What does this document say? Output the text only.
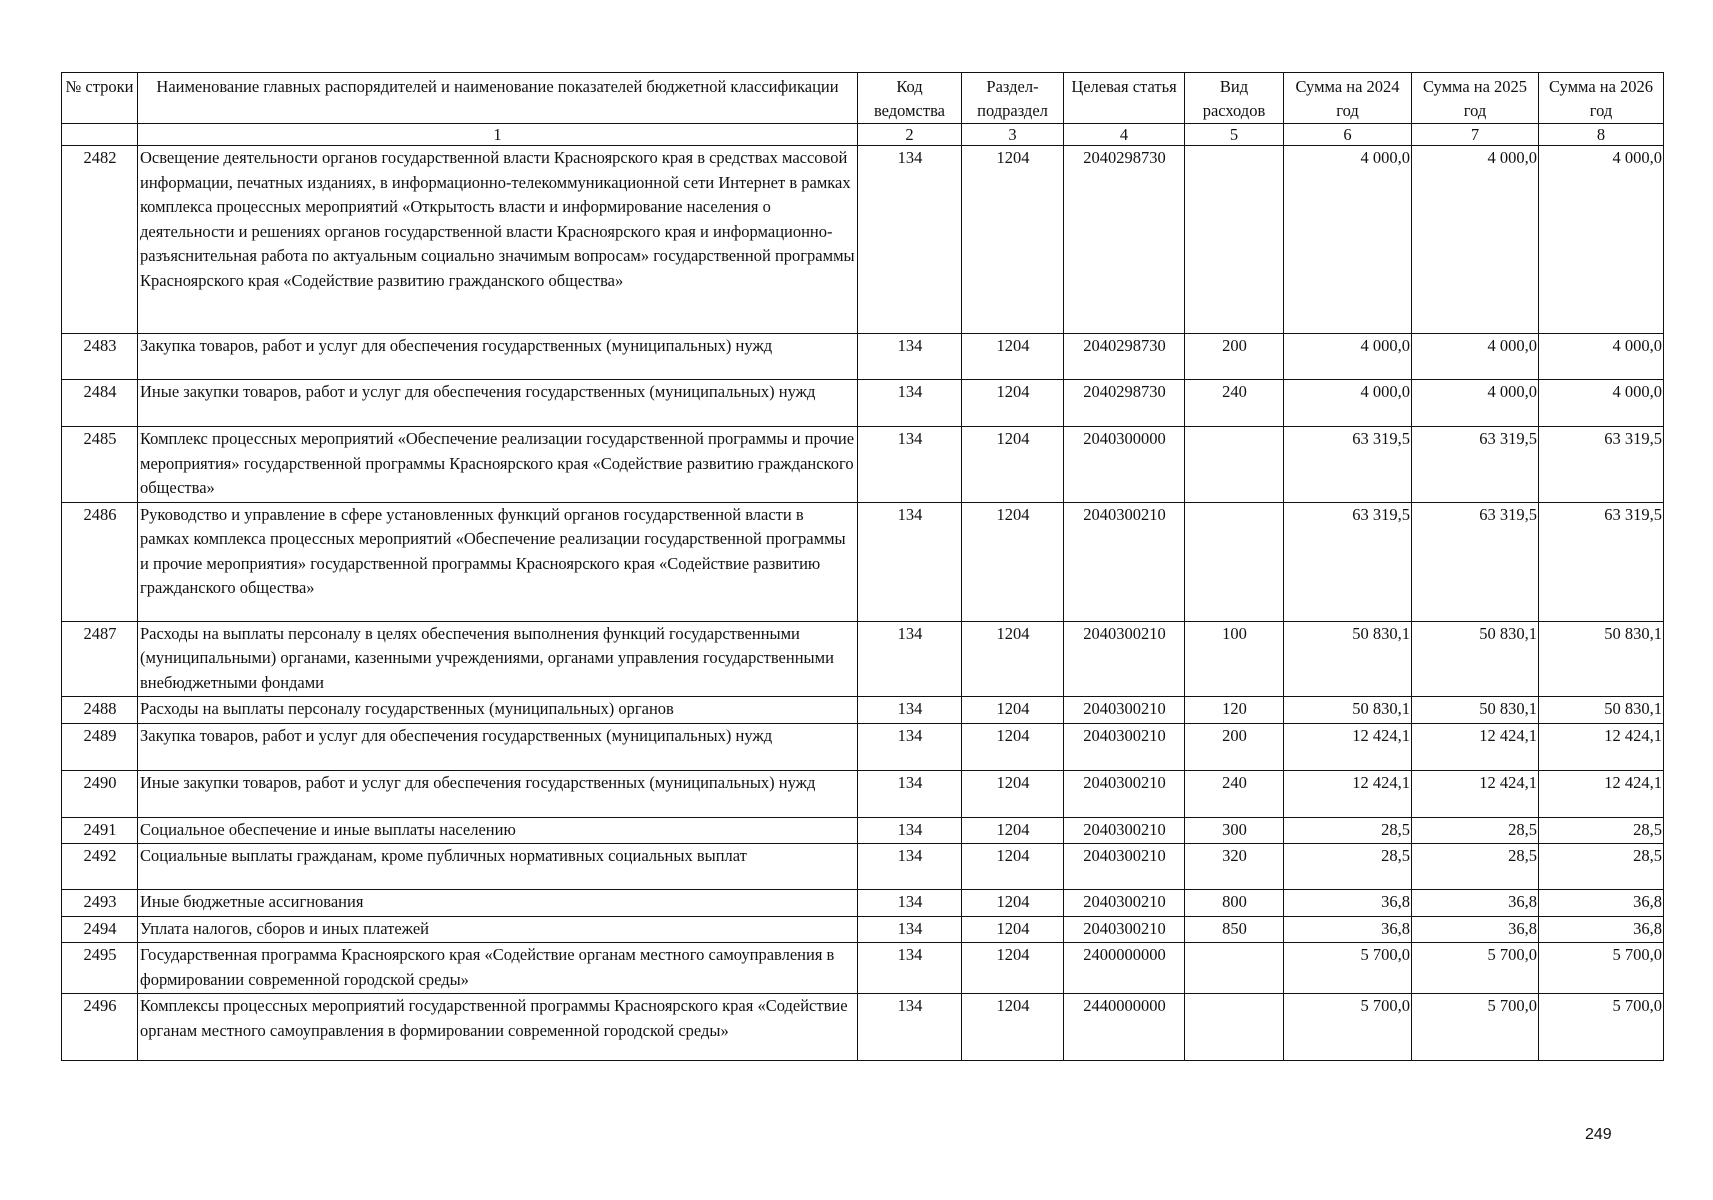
№ строки	Наименование главных распорядителей и наименование показателей бюджетной классификации	Код ведомства	Раздел-подраздел	Целевая статья	Вид расходов	Сумма на 2024 год	Сумма на 2025 год	Сумма на 2026 год
	1	2	3	4	5	6	7	8
2482	Освещение деятельности органов государственной власти Красноярского края в средствах массовой информации, печатных изданиях, в информационно-телекоммуникационной сети Интернет в рамках комплекса процессных мероприятий «Открытость власти и информирование населения о деятельности и решениях органов государственной власти Красноярского края и информационно-разъяснительная работа по актуальным социально значимым вопросам» государственной программы Красноярского края «Содействие развитию гражданского общества»	134	1204	2040298730		4 000,0	4 000,0	4 000,0
2483	Закупка товаров, работ и услуг для обеспечения государственных (муниципальных) нужд	134	1204	2040298730	200	4 000,0	4 000,0	4 000,0
2484	Иные закупки товаров, работ и услуг для обеспечения государственных (муниципальных) нужд	134	1204	2040298730	240	4 000,0	4 000,0	4 000,0
2485	Комплекс процессных мероприятий «Обеспечение реализации государственной программы и прочие мероприятия» государственной программы Красноярского края «Содействие развитию гражданского общества»	134	1204	2040300000		63 319,5	63 319,5	63 319,5
2486	Руководство и управление в сфере установленных функций органов государственной власти в рамках комплекса процессных мероприятий «Обеспечение реализации государственной программы и прочие мероприятия» государственной программы Красноярского края «Содействие развитию гражданского общества»	134	1204	2040300210		63 319,5	63 319,5	63 319,5
2487	Расходы на выплаты персоналу в целях обеспечения выполнения функций государственными (муниципальными) органами, казенными учреждениями, органами управления государственными внебюджетными фондами	134	1204	2040300210	100	50 830,1	50 830,1	50 830,1
2488	Расходы на выплаты персоналу государственных (муниципальных) органов	134	1204	2040300210	120	50 830,1	50 830,1	50 830,1
2489	Закупка товаров, работ и услуг для обеспечения государственных (муниципальных) нужд	134	1204	2040300210	200	12 424,1	12 424,1	12 424,1
2490	Иные закупки товаров, работ и услуг для обеспечения государственных (муниципальных) нужд	134	1204	2040300210	240	12 424,1	12 424,1	12 424,1
2491	Социальное обеспечение и иные выплаты населению	134	1204	2040300210	300	28,5	28,5	28,5
2492	Социальные выплаты гражданам, кроме публичных нормативных социальных выплат	134	1204	2040300210	320	28,5	28,5	28,5
2493	Иные бюджетные ассигнования	134	1204	2040300210	800	36,8	36,8	36,8
2494	Уплата налогов, сборов и иных платежей	134	1204	2040300210	850	36,8	36,8	36,8
2495	Государственная программа Красноярского края «Содействие органам местного самоуправления в формировании современной городской среды»	134	1204	2400000000		5 700,0	5 700,0	5 700,0
2496	Комплексы процессных мероприятий государственной программы Красноярского края «Содействие органам местного самоуправления в формировании современной городской среды»	134	1204	2440000000		5 700,0	5 700,0	5 700,0
249
